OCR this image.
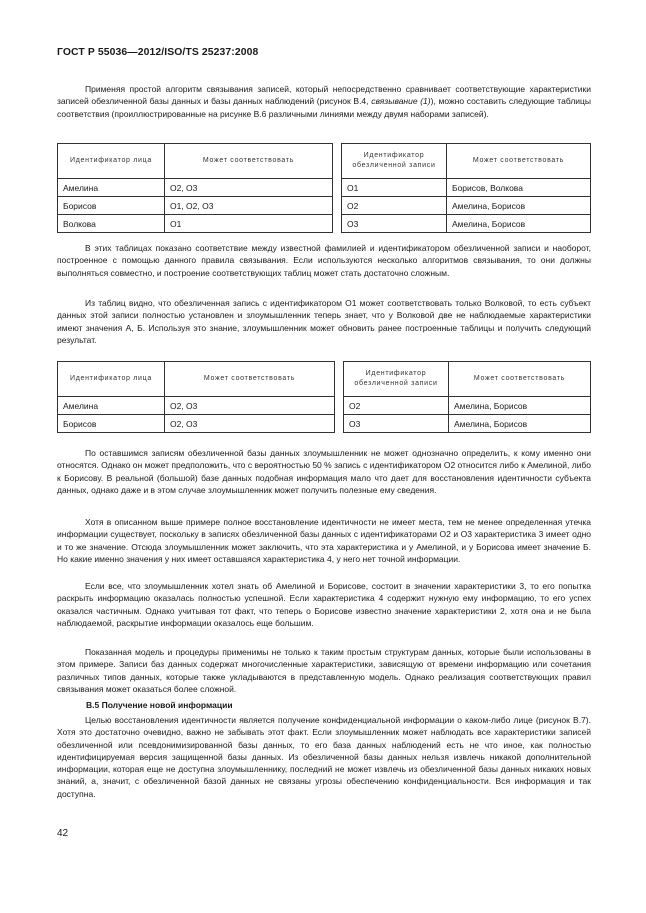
ГОСТ Р 55036—2012/ISO/TS 25237:2008

Применяя простой алгоритм связывания записей, который непосредственно сравнивает соответствующие характеристики записей обезличенной базы данных и базы данных наблюдений (рисунок В.4, связывание (1)), можно составить следующие таблицы соответствия (проиллюстрированные на рисунке В.6 различными линиями между двумя наборами записей).

Идентификатор лица	Может соответствовать
Амелина	О2, О3
Борисов	О1, О2, О3
Волкова	О1
Идентификатор обезличенной записи	Может соответствовать
О1	Борисов, Волкова
О2	Амелина, Борисов
О3	Амелина, Борисов

В этих таблицах показано соответствие между известной фамилией и идентификатором обезличенной записи и наоборот, построенное с помощью данного правила связывания. Если используются несколько алгоритмов связывания, то они должны выполняться совместно, и построение соответствующих таблиц может стать достаточно сложным.

Из таблиц видно, что обезличенная запись с идентификатором О1 может соответствовать только Волковой, то есть субъект данных этой записи полностью установлен и злоумышленник теперь знает, что у Волковой две не наблюдаемые характеристики имеют значения А, Б. Используя это знание, злоумышленник может обновить ранее построенные таблицы и получить следующий результат.

Идентификатор лица	Может соответствовать
Амелина	О2, О3
Борисов	О2, О3
Идентификатор обезличенной записи	Может соответствовать
О2	Амелина, Борисов
О3	Амелина, Борисов

По оставшимся записям обезличенной базы данных злоумышленник не может однозначно определить, к кому именно они относятся. Однако он может предположить, что с вероятностью 50 % запись с идентификатором О2 относится либо к Амелиной, либо к Борисову. В реальной (большой) базе данных подобная информация мало что дает для восстановления идентичности субъекта данных, однако даже и в этом случае злоумышленник может получить полезные ему сведения.

Хотя в описанном выше примере полное восстановление идентичности не имеет места, тем не менее определенная утечка информации существует, поскольку в записях обезличенной базы данных с идентификаторами О2 и О3 характеристика 3 имеет одно и то же значение. Отсюда злоумышленник может заключить, что эта характеристика и у Амелиной, и у Борисова имеет значение Б. Но какие именно значения у них имеет оставшаяся характеристика 4, у него нет точной информации.

Если все, что злоумышленник хотел знать об Амелиной и Борисове, состоит в значении характеристики 3, то его попытка раскрыть информацию оказалась полностью успешной. Если характеристика 4 содержит нужную ему информацию, то его успех оказался частичным. Однако учитывая тот факт, что теперь о Борисове известно значение характеристики 2, хотя она и не была наблюдаемой, раскрытие информации оказалось еще большим.

Показанная модель и процедуры применимы не только к таким простым структурам данных, которые были использованы в этом примере. Записи баз данных содержат многочисленные характеристики, зависящую от времени информацию или сочетания различных типов данных, которые также укладываются в представленную модель. Однако реализация соответствующих правил связывания может оказаться более сложной.

В.5 Получение новой информации

Целью восстановления идентичности является получение конфиденциальной информации о каком-либо лице (рисунок В.7). Хотя это достаточно очевидно, важно не забывать этот факт. Если злоумышленник может наблюдать все характеристики записей обезличенной или псевдонимизированной базы данных, то его база данных наблюдений есть не что иное, как полностью идентифицируемая версия защищенной базы данных. Из обезличенной базы данных нельзя извлечь никакой дополнительной информации, которая еще не доступна злоумышленнику, последний не может извлечь из обезличенной базы данных никаких новых знаний, а, значит, с обезличенной базой данных не связаны угрозы обеспечению конфиденциальности. Вся информация и так доступна.

42
